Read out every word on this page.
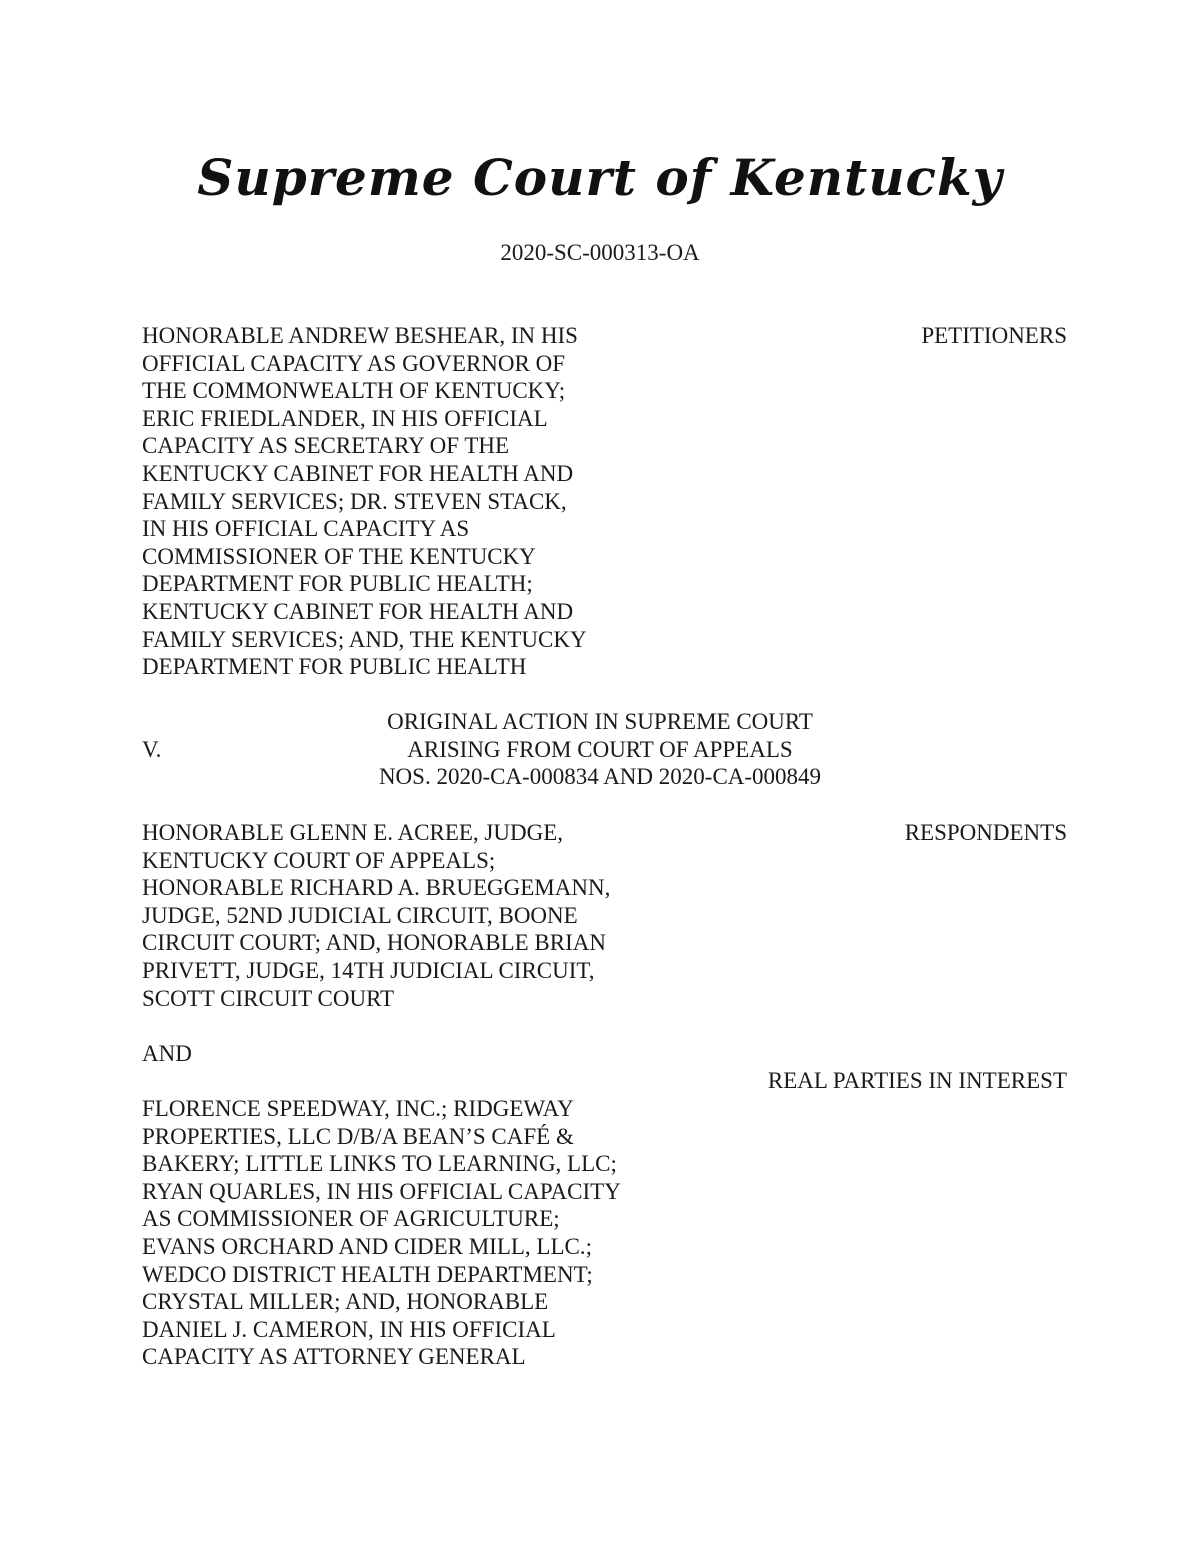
Supreme Court of Kentucky
2020-SC-000313-OA
HONORABLE ANDREW BESHEAR, IN HIS
OFFICIAL CAPACITY AS GOVERNOR OF
THE COMMONWEALTH OF KENTUCKY;
ERIC FRIEDLANDER, IN HIS OFFICIAL
CAPACITY AS SECRETARY OF THE
KENTUCKY CABINET FOR HEALTH AND
FAMILY SERVICES; DR. STEVEN STACK,
IN HIS OFFICIAL CAPACITY AS
COMMISSIONER OF THE KENTUCKY
DEPARTMENT FOR PUBLIC HEALTH;
KENTUCKY CABINET FOR HEALTH AND
FAMILY SERVICES; AND, THE KENTUCKY
DEPARTMENT FOR PUBLIC HEALTH
PETITIONERS
ORIGINAL ACTION IN SUPREME COURT
ARISING FROM COURT OF APPEALS
NOS. 2020-CA-000834 AND 2020-CA-000849
V.
HONORABLE GLENN E. ACREE, JUDGE,
KENTUCKY COURT OF APPEALS;
HONORABLE RICHARD A. BRUEGGEMANN,
JUDGE, 52ND JUDICIAL CIRCUIT, BOONE
CIRCUIT COURT; AND, HONORABLE BRIAN
PRIVETT, JUDGE, 14TH JUDICIAL CIRCUIT,
SCOTT CIRCUIT COURT
RESPONDENTS
AND
REAL PARTIES IN INTEREST
FLORENCE SPEEDWAY, INC.; RIDGEWAY
PROPERTIES, LLC D/B/A BEAN’S CAFÉ &
BAKERY; LITTLE LINKS TO LEARNING, LLC;
RYAN QUARLES, IN HIS OFFICIAL CAPACITY
AS COMMISSIONER OF AGRICULTURE;
EVANS ORCHARD AND CIDER MILL, LLC.;
WEDCO DISTRICT HEALTH DEPARTMENT;
CRYSTAL MILLER; AND, HONORABLE
DANIEL J. CAMERON, IN HIS OFFICIAL
CAPACITY AS ATTORNEY GENERAL
